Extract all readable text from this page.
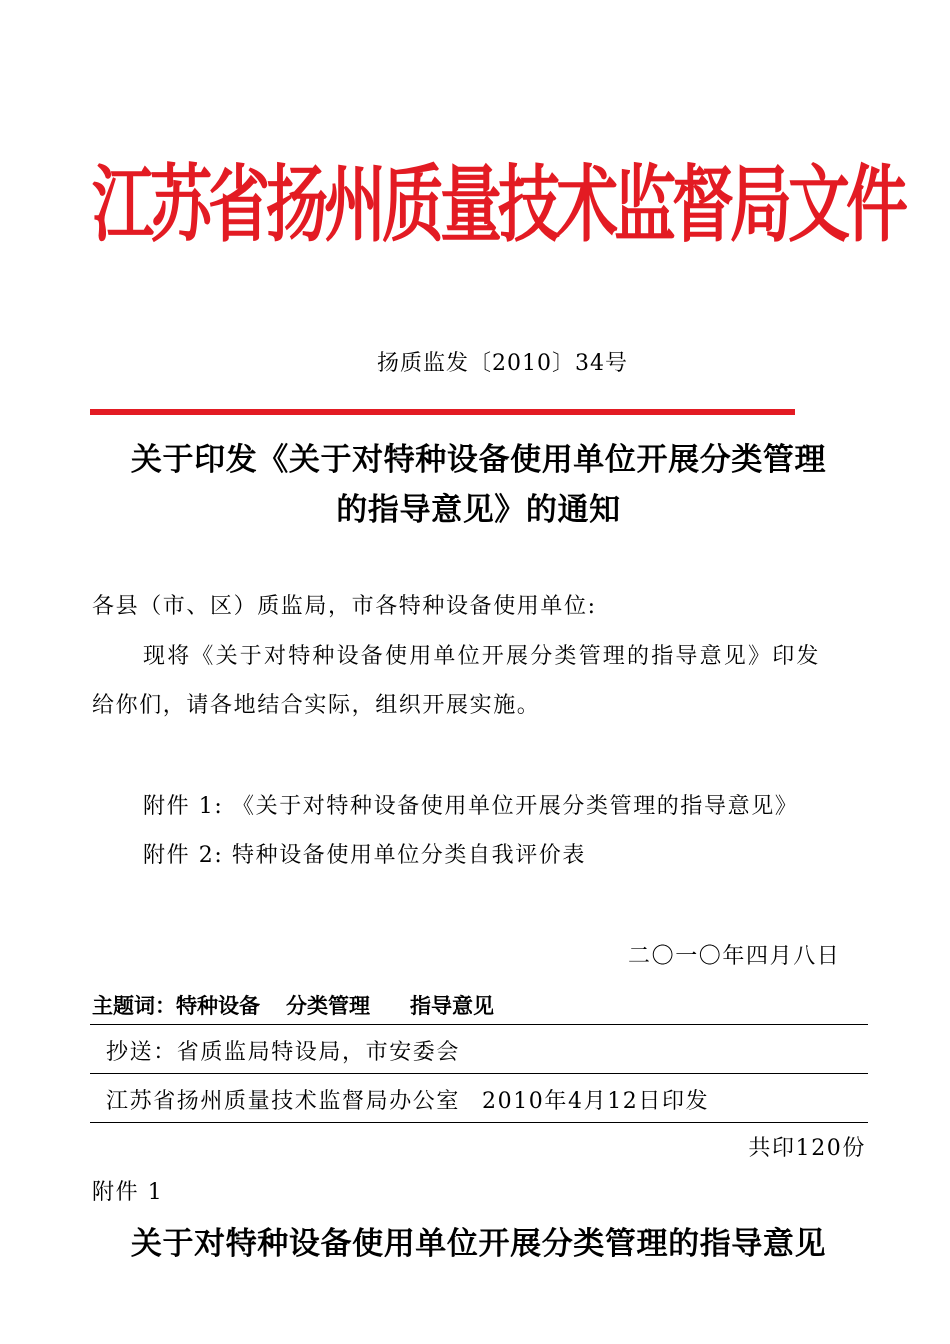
江苏省扬州质量技术监督局文件
扬质监发〔2010〕34号
关于印发《关于对特种设备使用单位开展分类管理
的指导意见》的通知
各县（市、区）质监局，市各特种设备使用单位:
现将《关于对特种设备使用单位开展分类管理的指导意见》印发
给你们，请各地结合实际，组织开展实施。
附件 1: 《关于对特种设备使用单位开展分类管理的指导意见》
附件 2: 特种设备使用单位分类自我评价表
二〇一〇年四月八日
主题词：特种设备 分类管理 指导意见
抄送：省质监局特设局，市安委会
江苏省扬州质量技术监督局办公室 2010年4月12日印发
共印120份
附件 1
关于对特种设备使用单位开展分类管理的指导意见
